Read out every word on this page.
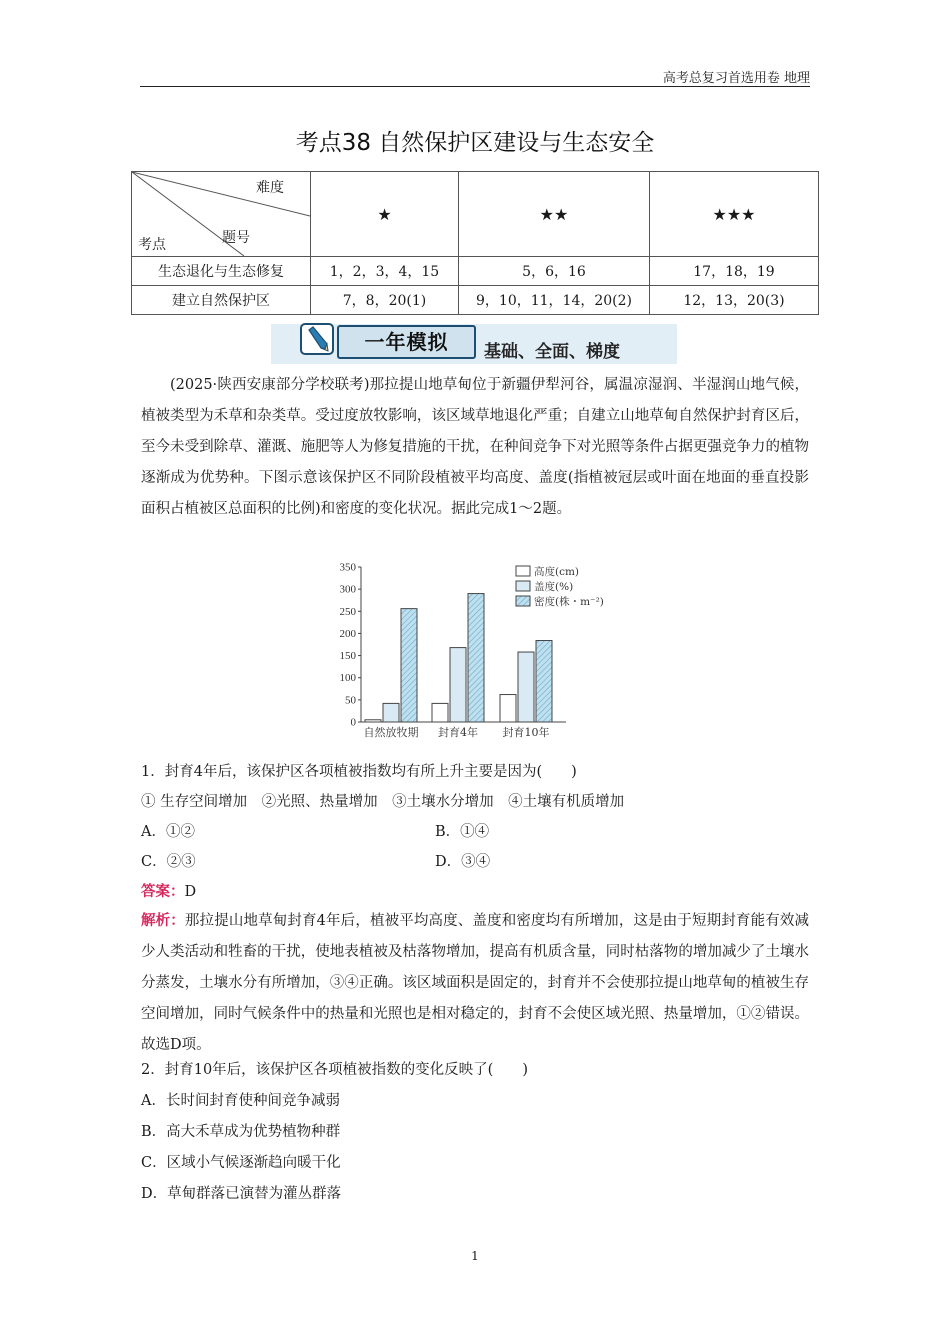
高考总复习首选用卷 地理
考点38 自然保护区建设与生态安全
难度
题号
考点	★	★★	★★★
生态退化与生态修复	1，2，3，4，15	5，6，16	17，18，19
建立自然保护区	7，8，20(1)	9，10，11，14，20(2)	12，13，20(3)
一年模拟	基础、全面、梯度
(2025·陕西安康部分学校联考)那拉提山地草甸位于新疆伊犁河谷，属温凉湿润、半湿润山地气候，植被类型为禾草和杂类草。受过度放牧影响，该区域草地退化严重；自建立山地草甸自然保护封育区后，至今未受到除草、灌溉、施肥等人为修复措施的干扰，在种间竞争下对光照等条件占据更强竞争力的植物逐渐成为优势种。下图示意该保护区不同阶段植被平均高度、盖度(指植被冠层或叶面在地面的垂直投影面积占植被区总面积的比例)和密度的变化状况。据此完成1～2题。
0
50
100
150
200
250
300
350
自然放牧期 封育4年 封育10年
高度(cm)
盖度(%)
密度(株・m⁻²)
1．封育4年后，该保护区各项植被指数均有所上升主要是因为(　　)
① 生存空间增加　②光照、热量增加　③土壤水分增加　④土壤有机质增加
A．①②	B．①④
C．②③	D．③④
答案：D
解析：那拉提山地草甸封育4年后，植被平均高度、盖度和密度均有所增加，这是由于短期封育能有效减少人类活动和牲畜的干扰，使地表植被及枯落物增加，提高有机质含量，同时枯落物的增加减少了土壤水分蒸发，土壤水分有所增加，③④正确。该区域面积是固定的，封育并不会使那拉提山地草甸的植被生存空间增加，同时气候条件中的热量和光照也是相对稳定的，封育不会使区域光照、热量增加，①②错误。故选D项。
2．封育10年后，该保护区各项植被指数的变化反映了(　　)
A．长时间封育使种间竞争减弱
B．高大禾草成为优势植物种群
C．区域小气候逐渐趋向暖干化
D．草甸群落已演替为灌丛群落
1
